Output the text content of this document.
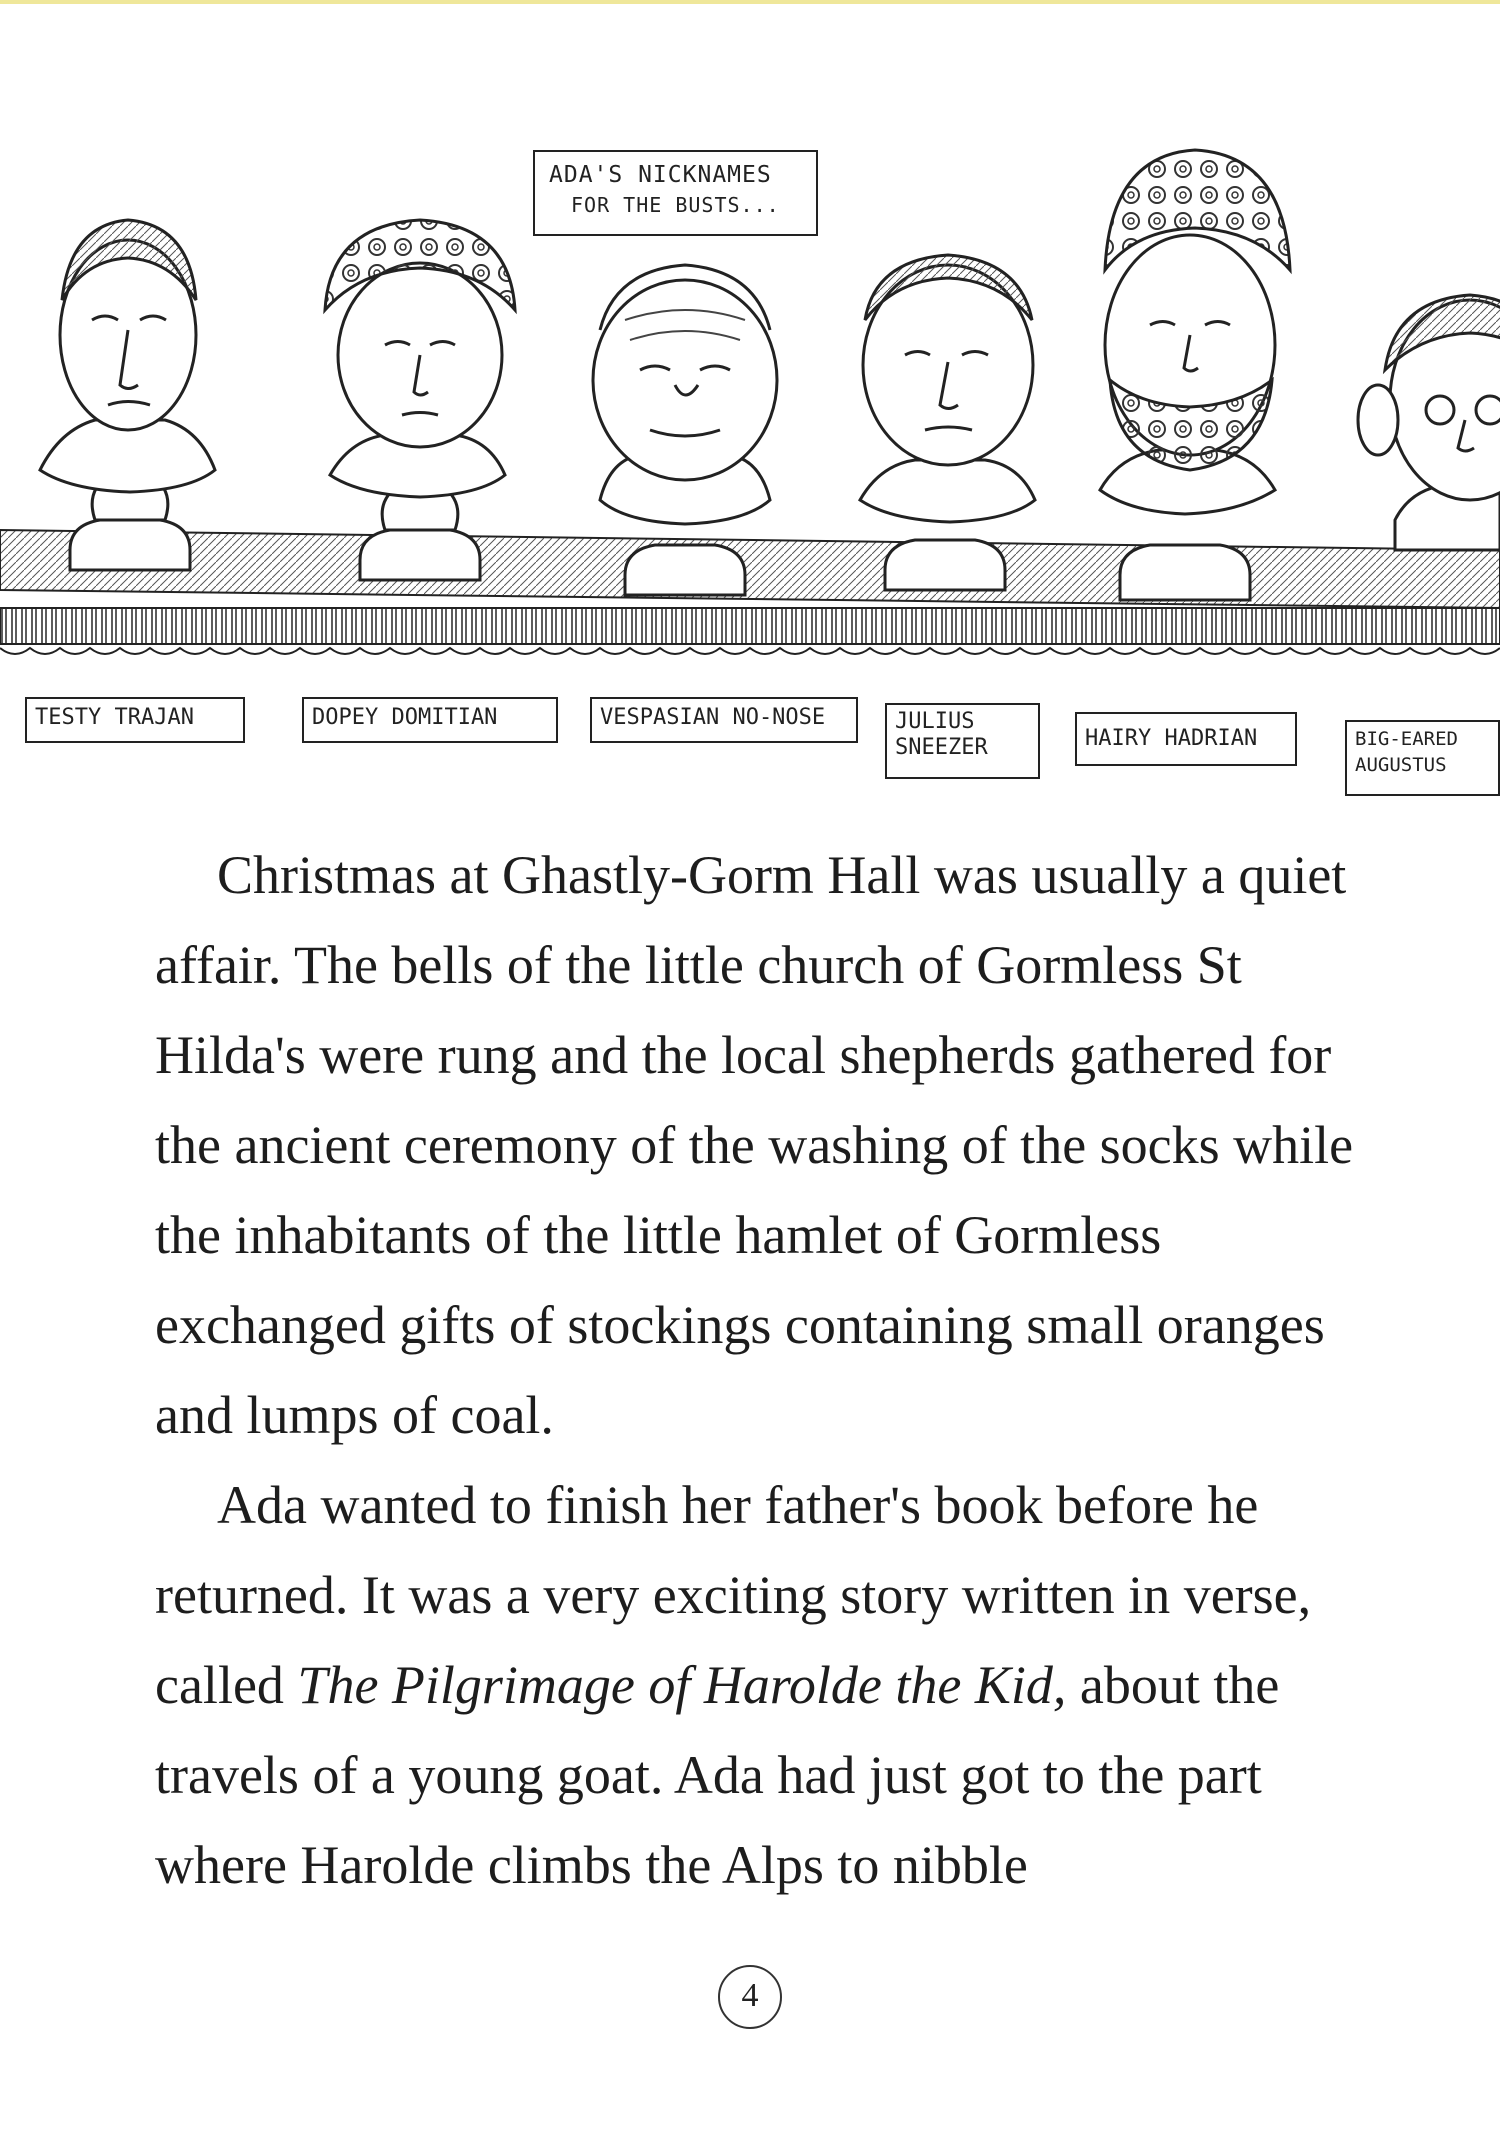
ADA'S NICKNAMES
FOR THE BUSTS...
TESTY TRAJAN	DOPEY DOMITIAN	VESPASIAN NO-NOSE	JULIUS
SNEEZER	HAIRY HADRIAN	BIG-EARED
AUGUSTUS

Christmas at Ghastly-Gorm Hall was usually a quiet affair. The bells of the little church of Gormless St Hilda's were rung and the local shepherds gathered for the ancient ceremony of the washing of the socks while the inhabitants of the little hamlet of Gormless exchanged gifts of stockings containing small oranges and lumps of coal.

Ada wanted to finish her father's book before he returned. It was a very exciting story written in verse, called The Pilgrimage of Harolde the Kid, about the travels of a young goat. Ada had just got to the part where Harolde climbs the Alps to nibble

4
